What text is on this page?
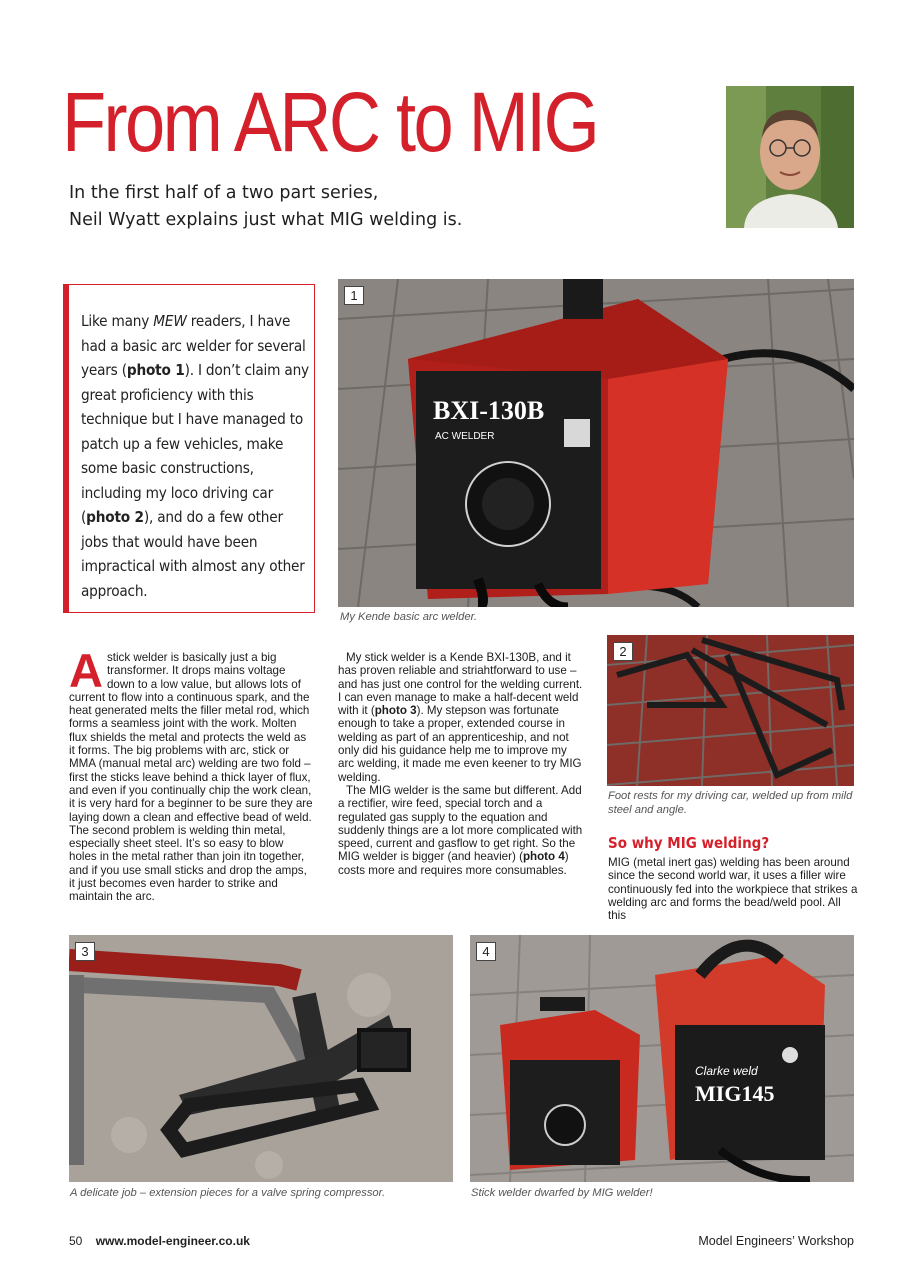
From ARC to MIG
In the first half of a two part series,
Neil Wyatt explains just what MIG welding is.

Like many MEW readers, I have had a basic arc welder for several years (photo 1). I don’t claim any great proficiency with this technique but I have managed to patch up a few vehicles, make some basic constructions, including my loco driving car (photo 2), and do a few other jobs that would have been impractical with almost any other approach.

BXI-130B
AC WELDER
1
My Kende basic arc welder.
2
Foot rests for my driving car, welded up from mild steel and angle.

Astick welder is basically just a big transformer. It drops mains voltage down to a low value, but allows lots of current to flow into a continuous spark, and the heat generated melts the filler metal rod, which forms a seamless joint with the work. Molten flux shields the metal and protects the weld as it forms. The big problems with arc, stick or MMA (manual metal arc) welding are two fold – first the sticks leave behind a thick layer of flux, and even if you continually chip the work clean, it is very hard for a beginner to be sure they are laying down a clean and effective bead of weld. The second problem is welding thin metal, especially sheet steel. It’s so easy to blow holes in the metal rather than join itn together, and if you use small sticks and drop the amps, it just becomes even harder to strike and maintain the arc.

My stick welder is a Kende BXI-130B, and it has proven reliable and striahtforward to use – and has just one control for the welding current. I can even manage to make a half-decent weld with it (photo 3). My stepson was fortunate enough to take a proper, extended course in welding as part of an apprenticeship, and not only did his guidance help me to improve my arc welding, it made me even keener to try MIG welding.

The MIG welder is the same but different. Add a rectifier, wire feed, special torch and a regulated gas supply to the equation and suddenly things are a lot more complicated with speed, current and gasflow to get right. So the MIG welder is bigger (and heavier) (photo 4) costs more and requires more consumables.

So why MIG welding?

MIG (metal inert gas) welding has been around since the second world war, it uses a filler wire continuously fed into the workpiece that strikes a welding arc and forms the bead/weld pool. All this

3
A delicate job – extension pieces for a valve spring compressor.
Clarke weld
MIG145
4
Stick welder dwarfed by MIG welder!
50 www.model-engineer.co.uk	Model Engineers’ Workshop
